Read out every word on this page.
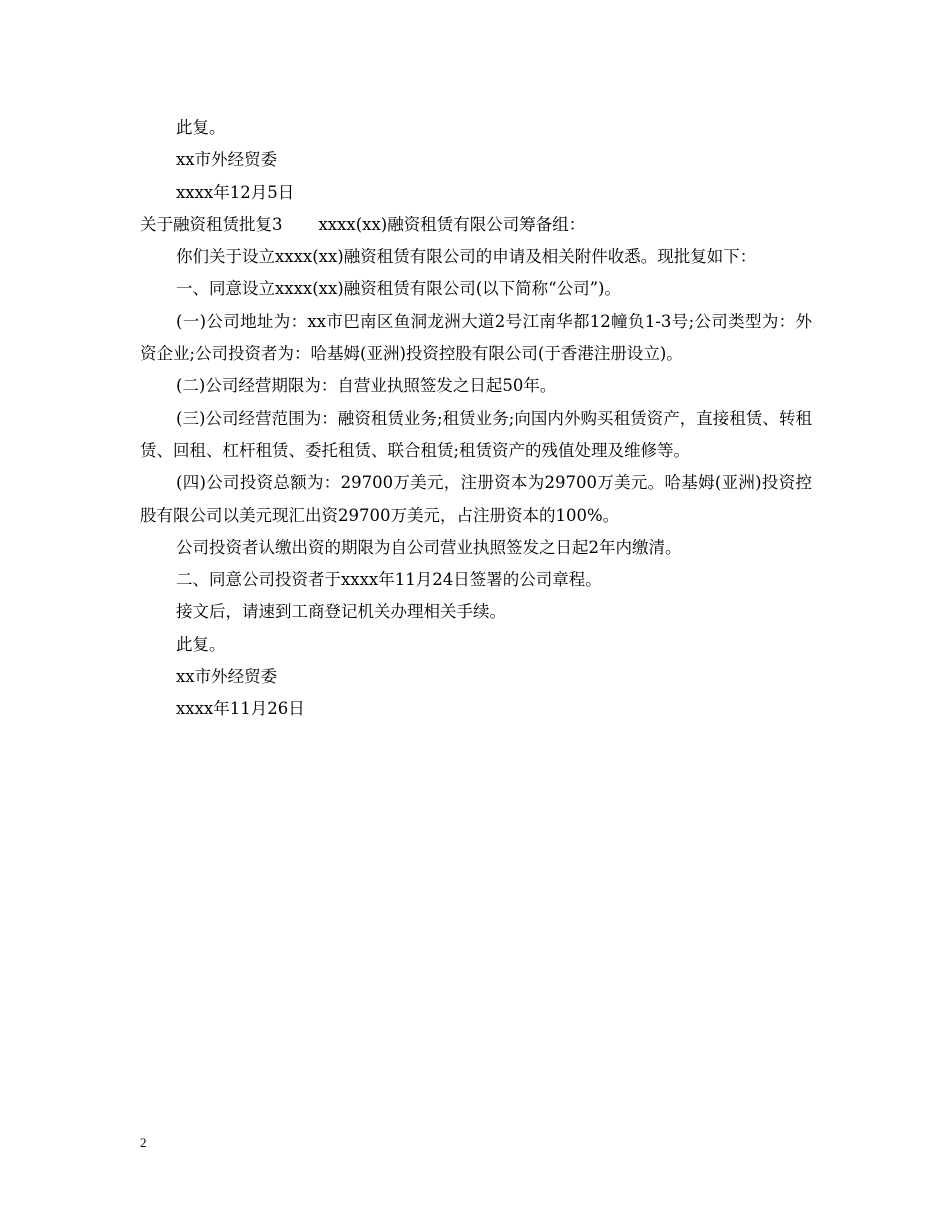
此复。

xx市外经贸委

xxxx年12月5日

关于融资租赁批复3 xxxx(xx)融资租赁有限公司筹备组：

你们关于设立xxxx(xx)融资租赁有限公司的申请及相关附件收悉。现批复如下：

一、同意设立xxxx(xx)融资租赁有限公司(以下简称“公司”)。

(一)公司地址为：xx市巴南区鱼洞龙洲大道2号江南华都12幢负1-3号;公司类型为：外资企业;公司投资者为：哈基姆(亚洲)投资控股有限公司(于香港注册设立)。

(二)公司经营期限为：自营业执照签发之日起50年。

(三)公司经营范围为：融资租赁业务;租赁业务;向国内外购买租赁资产，直接租赁、转租赁、回租、杠杆租赁、委托租赁、联合租赁;租赁资产的残值处理及维修等。

(四)公司投资总额为：29700万美元，注册资本为29700万美元。哈基姆(亚洲)投资控股有限公司以美元现汇出资29700万美元，占注册资本的100%。

公司投资者认缴出资的期限为自公司营业执照签发之日起2年内缴清。

二、同意公司投资者于xxxx年11月24日签署的公司章程。

接文后，请速到工商登记机关办理相关手续。

此复。

xx市外经贸委

xxxx年11月26日

2
